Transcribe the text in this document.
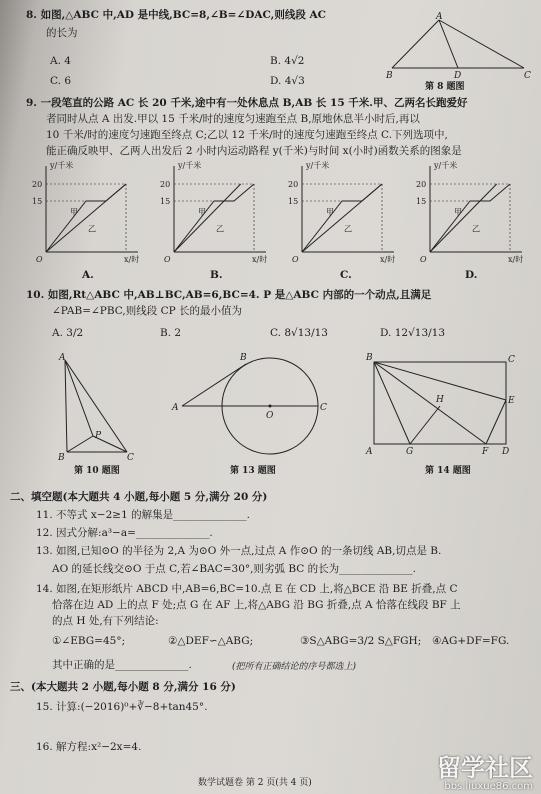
8. 如图,△ABC 中,AD 是中线,BC=8,∠B=∠DAC,则线段 AC
的长为
A. 4	B. 4√2
C. 6	D. 4√3
A
B	D	C
第 8 题图
9. 一段笔直的公路 AC 长 20 千米,途中有一处休息点 B,AB 长 15 千米.甲、乙两名长跑爱好
者同时从点 A 出发.甲以 15 千米/时的速度匀速跑至点 B,原地休息半小时后,再以
10 千米/时的速度匀速跑至终点 C;乙以 12 千米/时的速度匀速跑至终点 C.下列选项中,
能正确反映甲、乙两人出发后 2 小时内运动路程 y(千米)与时间 x(小时)函数关系的图象是
y/千米
x/时
20
15
O
甲
乙
y/千米
x/时
20
15
O
甲
乙
y/千米
x/时
20
15
O
甲
乙
y/千米
x/时
20
15
O
甲
乙
A.	B.	C.	D.
10. 如图,Rt△ABC 中,AB⊥BC,AB=6,BC=4. P 是△ABC 内部的一个动点,且满足
∠PAB=∠PBC,则线段 CP 长的最小值为
A. 3/2	B. 2	C. 8√13/13	D. 12√13/13
A
B	C
P
第 10 题图
A
B
O
C
第 13 题图
B	C
E
A	G	F D
H
第 14 题图
二、填空题(本大题共 4 小题,每小题 5 分,满分 20 分)
11. 不等式 x−2≥1 的解集是______________.
12. 因式分解:a³−a=______________.
13. 如图,已知⊙O 的半径为 2,A 为⊙O 外一点,过点 A 作⊙O 的一条切线 AB,切点是 B.
AO 的延长线交⊙O 于点 C,若∠BAC=30°,则劣弧 BC 的长为______________.
14. 如图,在矩形纸片 ABCD 中,AB=6,BC=10.点 E 在 CD 上,将△BCE 沿 BE 折叠,点 C
恰落在边 AD 上的点 F 处;点 G 在 AF 上,将△ABG 沿 BG 折叠,点 A 恰落在线段 BF 上
的点 H 处,有下列结论:
①∠EBG=45°;	②△DEF∽△ABG;	③S△ABG=3/2 S△FGH; ④AG+DF=FG.
其中正确的是______________.	(把所有正确结论的序号都选上)
三、(本大题共 2 小题,每小题 8 分,满分 16 分)
15. 计算:(−2016)⁰+∛−8+tan45°.
16. 解方程:x²−2x=4.
数学试题卷 第 2 页(共 4 页)
留学社区
bbs.liuxue86.com
